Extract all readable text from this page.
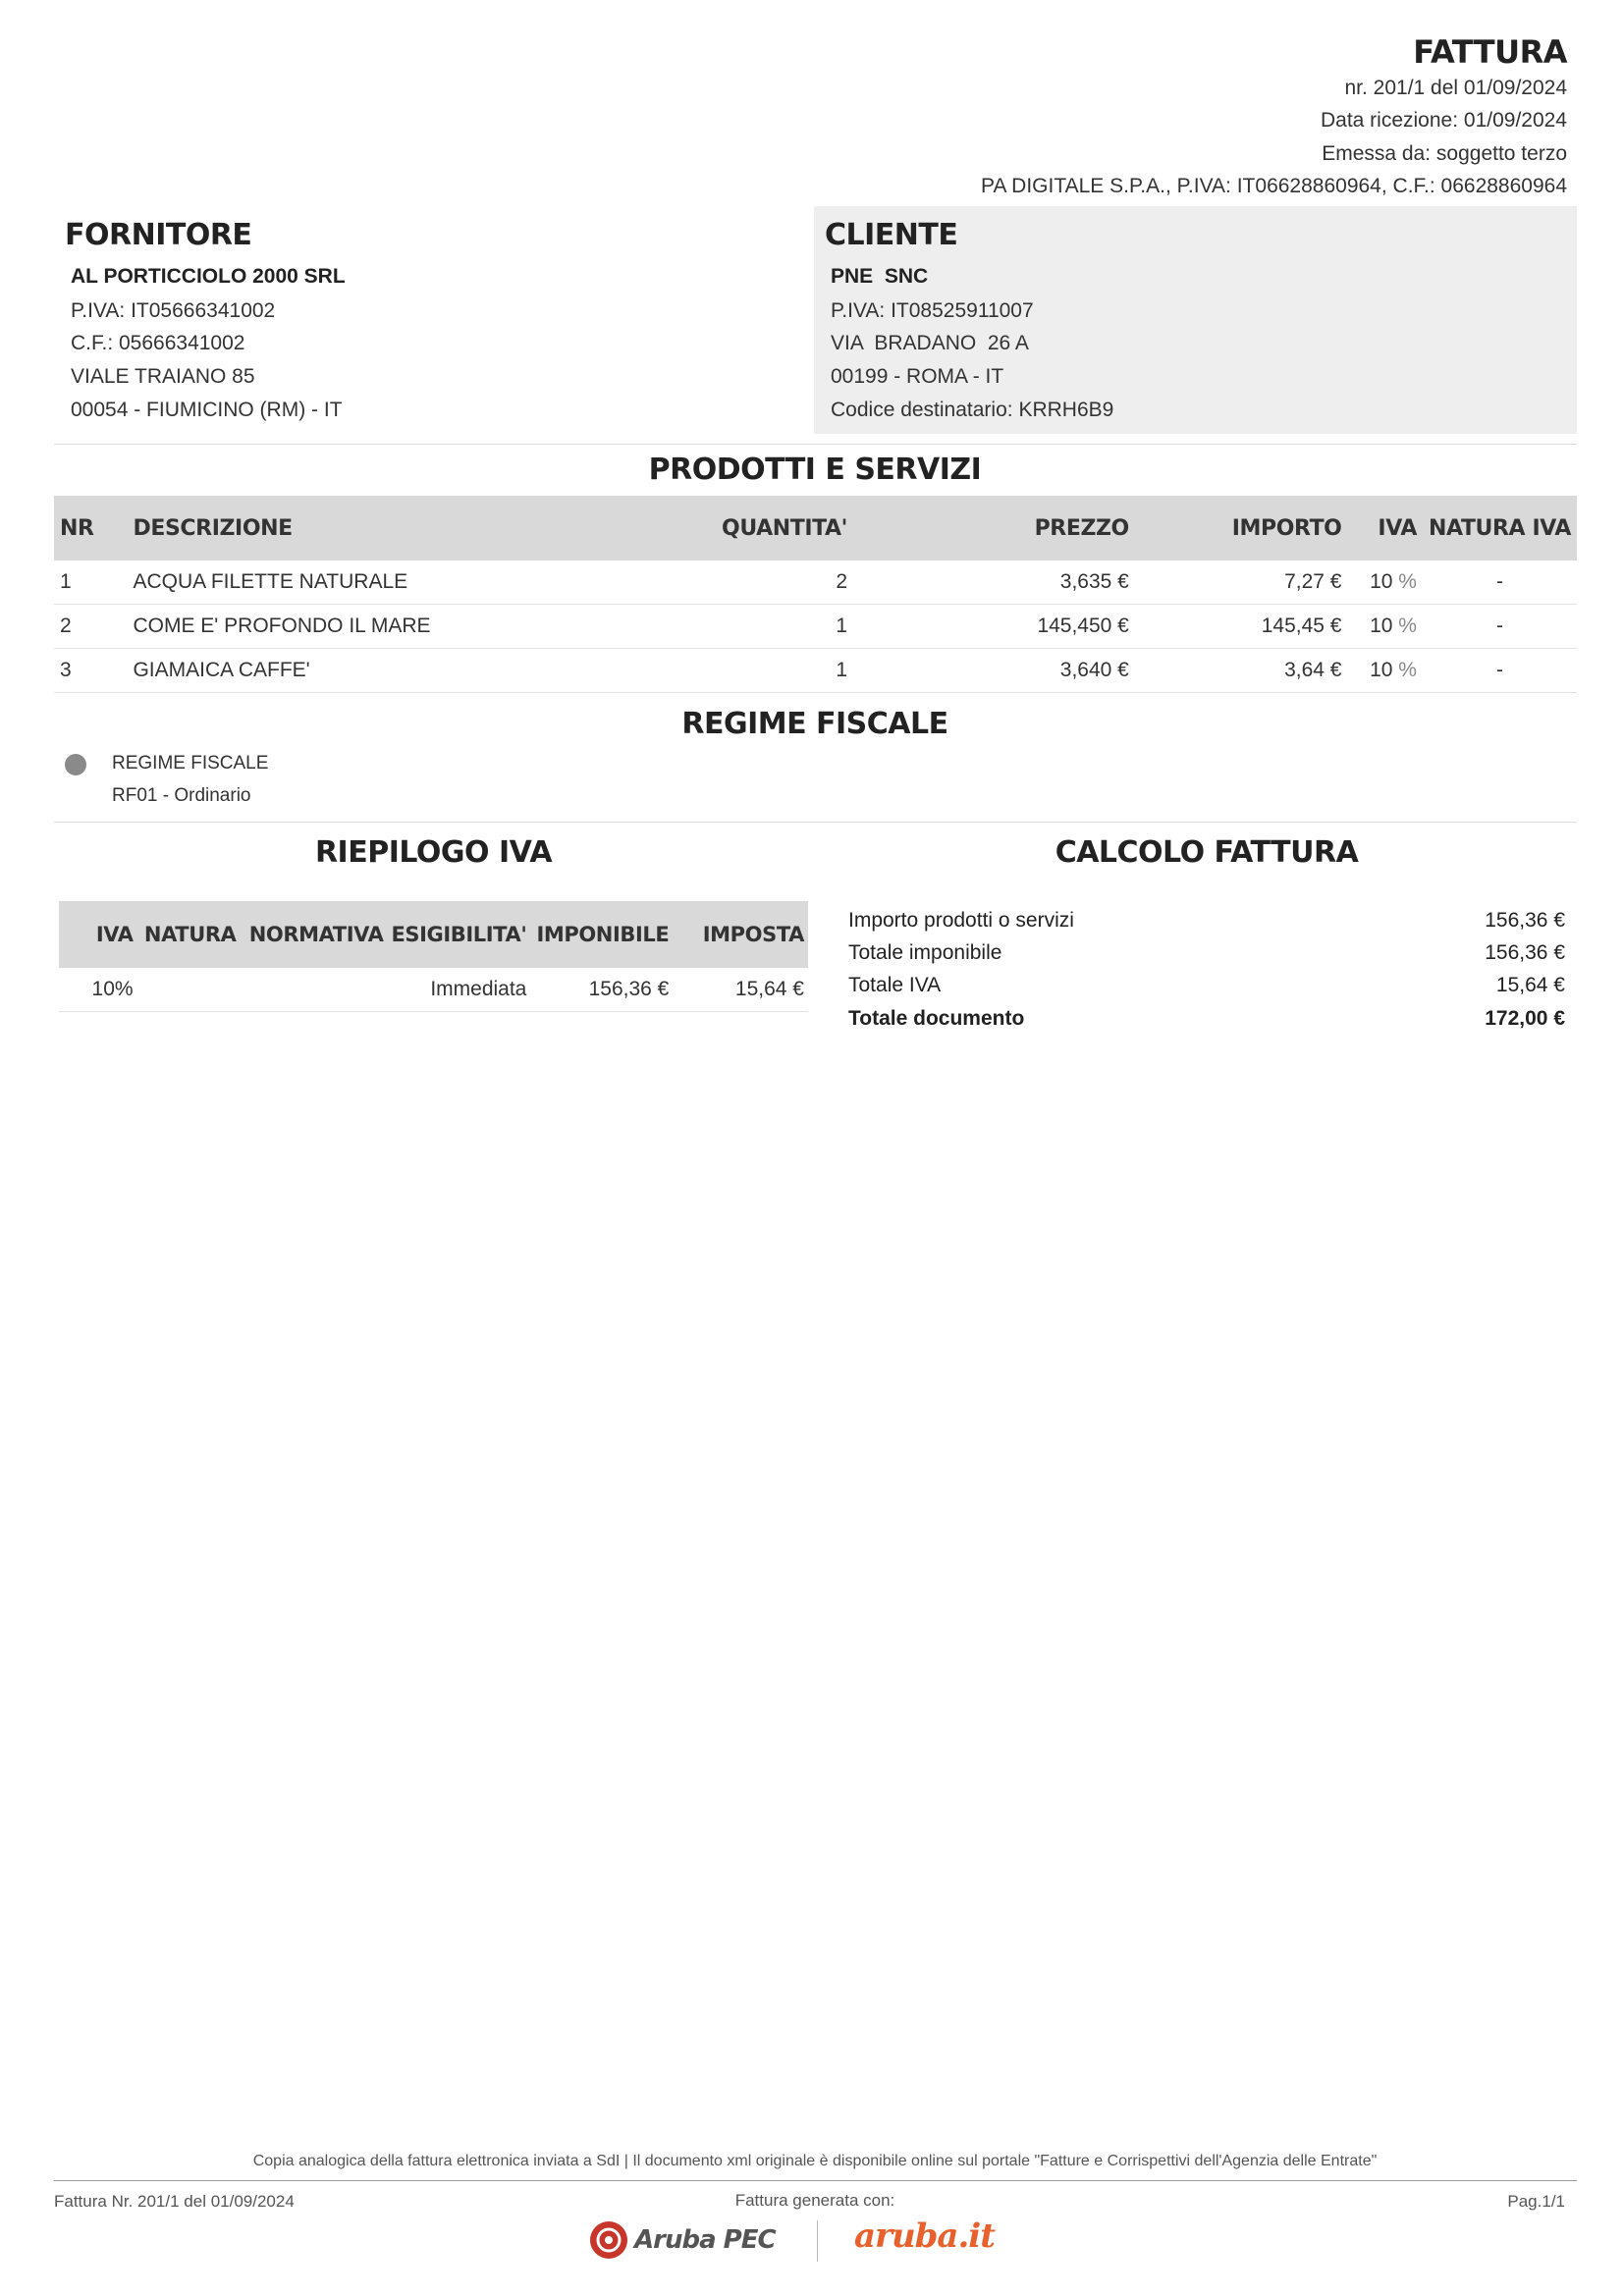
FATTURA
nr. 201/1 del 01/09/2024
Data ricezione: 01/09/2024
Emessa da: soggetto terzo
PA DIGITALE S.P.A., P.IVA: IT06628860964, C.F.: 06628860964
FORNITORE
AL PORTICCIOLO 2000 SRL
P.IVA: IT05666341002
C.F.: 05666341002
VIALE TRAIANO 85
00054 - FIUMICINO (RM) - IT
CLIENTE
PNE  SNC
P.IVA: IT08525911007
VIA  BRADANO  26 A
00199 - ROMA - IT
Codice destinatario: KRRH6B9
PRODOTTI E SERVIZI
NR	DESCRIZIONE	QUANTITA'	PREZZO	IMPORTO	IVA	NATURA IVA
1	ACQUA FILETTE NATURALE	2	3,635 €	7,27 €	10 %	-
2	COME E' PROFONDO IL MARE	1	145,450 €	145,45 €	10 %	-
3	GIAMAICA CAFFE'	1	3,640 €	3,64 €	10 %	-
REGIME FISCALE
REGIME FISCALE
RF01 - Ordinario
RIEPILOGO IVA
IVA	NATURA	NORMATIVA	ESIGIBILITA'	IMPONIBILE	IMPOSTA
10%			Immediata	156,36 €	15,64 €
CALCOLO FATTURA
Importo prodotti o servizi	156,36 €
Totale imponibile	156,36 €
Totale IVA	15,64 €
Totale documento	172,00 €
Copia analogica della fattura elettronica inviata a SdI | Il documento xml originale è disponibile online sul portale "Fatture e Corrispettivi dell'Agenzia delle Entrate"
Fattura Nr. 201/1 del 01/09/2024	Fattura generata con:	Pag.1/1
Aruba PEC aruba.it
